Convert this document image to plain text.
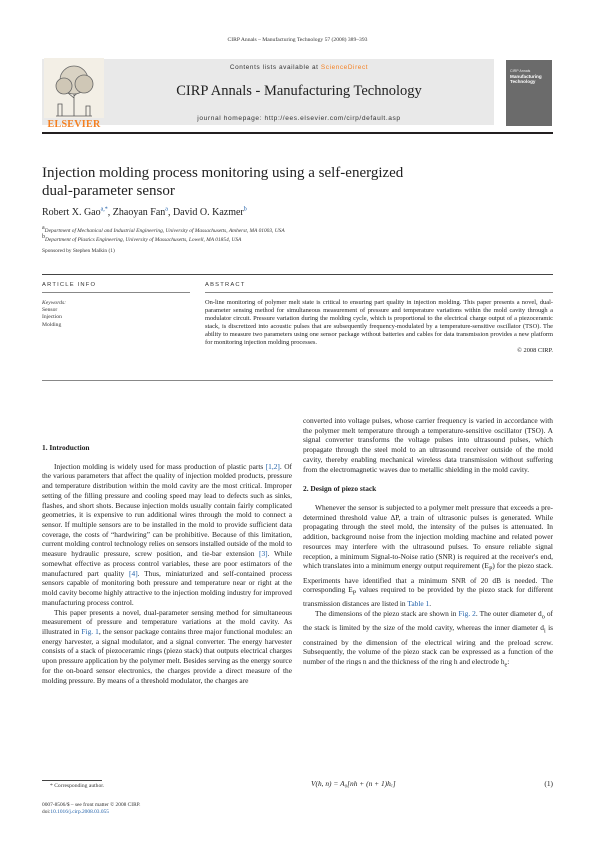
CIRP Annals – Manufacturing Technology 57 (2008) 389–393
ELSEVIER
Contents lists available at ScienceDirect
CIRP Annals - Manufacturing Technology
journal homepage: http://ees.elsevier.com/cirp/default.asp
CIRP Annals
Manufacturing Technology
Injection molding process monitoring using a self-energized
dual-parameter sensor
Robert X. Gao$^{a,*}$, Zhaoyan Fan$^a$, David O. Kazmer$^b$
$^a$Department of Mechanical and Industrial Engineering, University of Massachusetts, Amherst, MA 01003, USA
$^b$Department of Plastics Engineering, University of Massachusetts, Lowell, MA 01854, USA
Sponsored by Stephen Malkin (1)
ARTICLE INFO
Keywords:
Sensor
Injection
Molding
ABSTRACT
On-line monitoring of polymer melt state is critical to ensuring part quality in injection molding. This paper presents a novel, dual-parameter sensing method for simultaneous measurement of pressure and temperature variations within the mold cavity through a modulator circuit. Pressure variation during the molding cycle, which is proportional to the electrical charge output of a piezoceramic stack, is discretized into acoustic pulses that are subsequently frequency-modulated by a temperature-sensitive oscillator (TSO). The ability to measure two parameters using one sensor package without batteries and cables for data transmission provides a new platform for monitoring injection molding processes.
© 2008 CIRP.

1. Introduction

Injection molding is widely used for mass production of plastic parts [1,2]. Of the various parameters that affect the quality of injection molded products, pressure and temperature distribution within the mold cavity are the most critical. Improper setting of the filling pressure and cooling speed may lead to defects such as sinks, flashes, and short shots. Because injection molds usually contain fairly complicated geometries, it is expensive to run additional wires through the mold to connect a sensor. If multiple sensors are to be installed in the mold to provide sufficient data coverage, the costs of “hardwiring” can be prohibitive. Because of this limitation, current molding control technology relies on sensors installed outside of the mold to measure hydraulic pressure, screw position, and tie-bar extension [3]. While somewhat effective as process control variables, these are poor estimators of the manufactured part quality [4]. Thus, miniaturized and self-contained process sensors capable of monitoring both pressure and temperature near or right at the mold cavity become highly attractive to the injection molding industry for improved manufacturing process control.

This paper presents a novel, dual-parameter sensing method for simultaneous measurement of pressure and temperature variations at the mold cavity. As illustrated in Fig. 1, the sensor package contains three major functional modules: an energy harvester, a signal modulator, and a signal converter. The energy harvester consists of a stack of piezoceramic rings (piezo stack) that outputs electrical charges upon pressure application by the polymer melt. Besides serving as the energy source for the on-board sensor electronics, the charges provide a direct measure of the molding pressure. By means of a threshold modulator, the charges are

converted into voltage pulses, whose carrier frequency is varied in accordance with the polymer melt temperature through a temperature-sensitive oscillator (TSO). A signal converter transforms the voltage pulses into ultrasound pulses, which propagate through the steel mold to an ultrasound receiver outside of the mold cavity, thereby enabling mechanical wireless data transmission without suffering from the electromagnetic waves due to metallic shielding in the mold cavity.

2. Design of piezo stack

Whenever the sensor is subjected to a polymer melt pressure that exceeds a pre-determined threshold value ΔP, a train of ultrasonic pulses is generated. While propagating through the steel mold, the intensity of the pulses is attenuated. In addition, background noise from the injection molding machine and related power resources may interfere with the ultrasound pulses. To ensure reliable signal reception, a minimum Signal-to-Noise ratio (SNR) is required at the receiver's end, which translates into a minimum energy output requirement $(E_P)$ for the piezo stack. Experiments have identified that a minimum SNR of 20 dB is needed. The corresponding $E_P$ values required to be provided by the piezo stack for different transmission distances are listed in Table 1.

The dimensions of the piezo stack are shown in Fig. 2. The outer diameter $d_o$ of the stack is limited by the size of the mold cavity, whereas the inner diameter $d_i$ is constrained by the dimension of the electrical wiring and the preload screw. Subsequently, the volume of the piezo stack can be expressed as a function of the number of the rings n and the thickness of the ring h and electrode $h_e$:

V(h, n) = A₀[nh + (n + 1)hₑ]	(1)
* Corresponding author.
0007-8506/$ – see front matter © 2008 CIRP.
doi:10.1016/j.cirp.2008.03.055
